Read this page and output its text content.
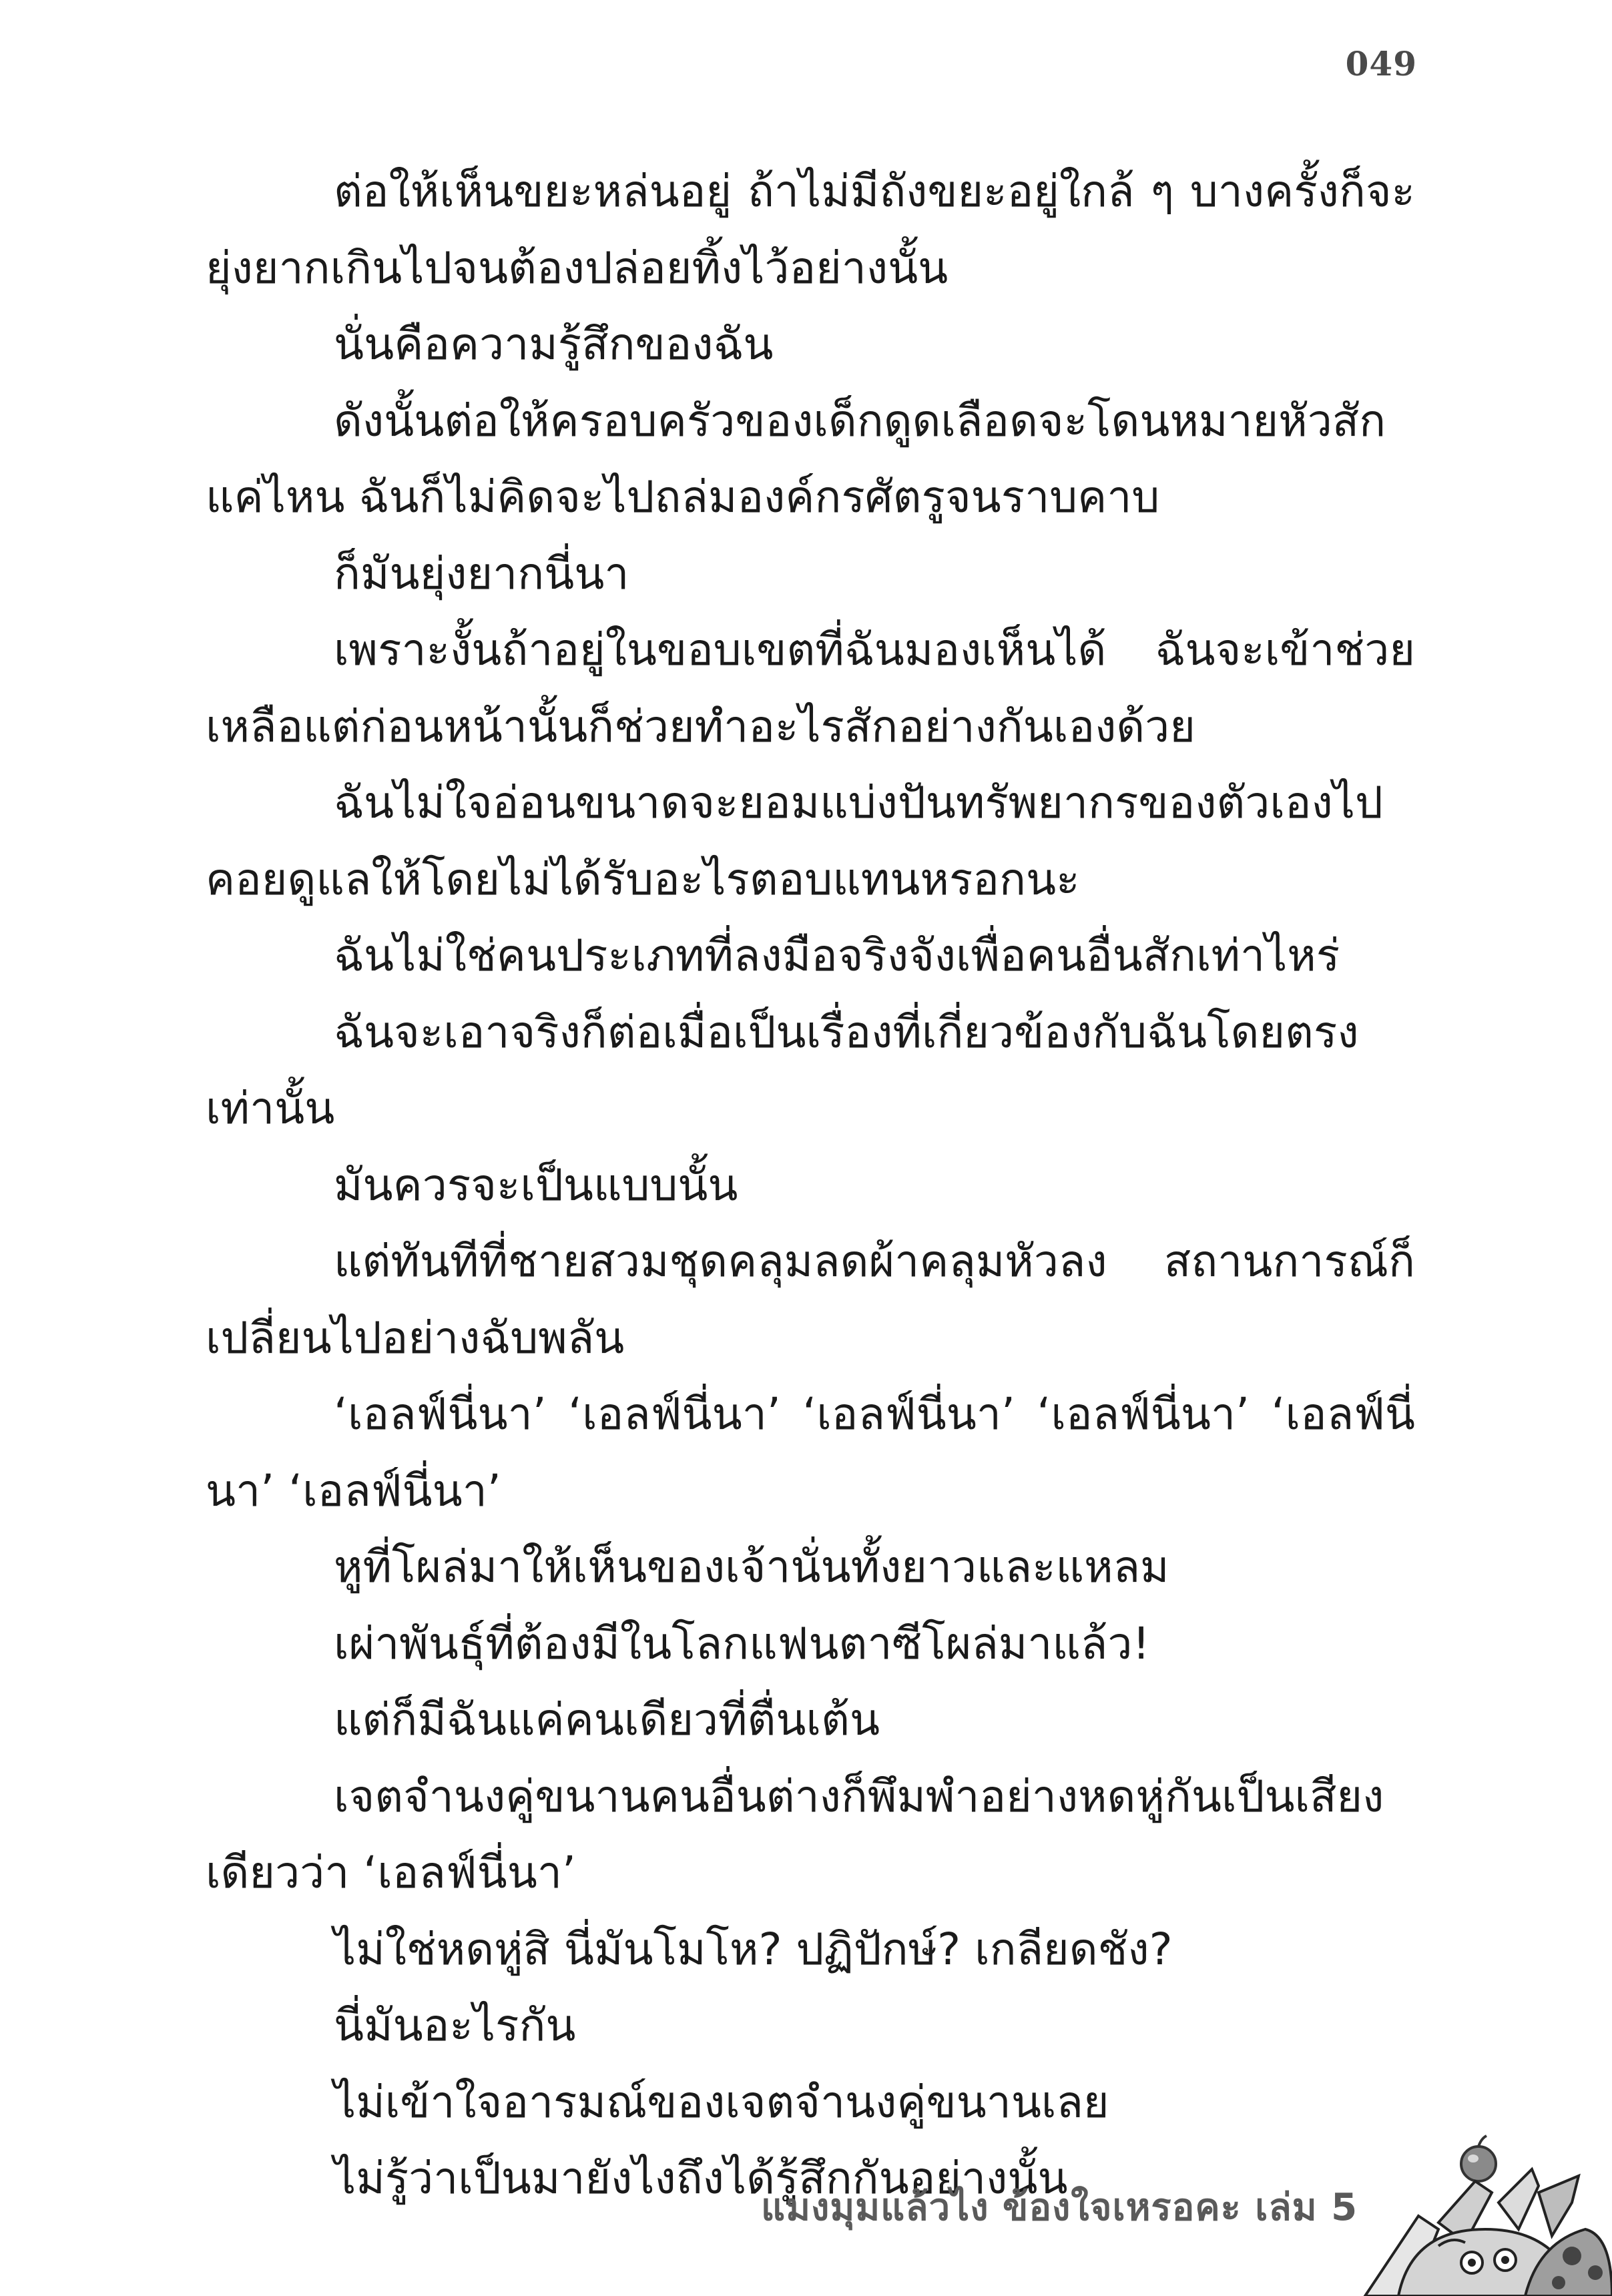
049

ต่อให้เห็นขยะหล่นอยู่ ถ้าไม่มีถังขยะอยู่ใกล้ ๆ บางครั้งก็จะยุ่งยากเกินไปจนต้องปล่อยทิ้งไว้อย่างนั้น

นั่นคือความรู้สึกของฉัน

ดังนั้นต่อให้ครอบครัวของเด็กดูดเลือดจะโดนหมายหัวสักแค่ไหน ฉันก็ไม่คิดจะไปถล่มองค์กรศัตรูจนราบคาบ

ก็มันยุ่งยากนี่นา

เพราะงั้นถ้าอยู่ในขอบเขตที่ฉันมองเห็นได้ ฉันจะเข้าช่วยเหลือแต่ก่อนหน้านั้นก็ช่วยทำอะไรสักอย่างกันเองด้วย

ฉันไม่ใจอ่อนขนาดจะยอมแบ่งปันทรัพยากรของตัวเองไปคอยดูแลให้โดยไม่ได้รับอะไรตอบแทนหรอกนะ

ฉันไม่ใช่คนประเภทที่ลงมือจริงจังเพื่อคนอื่นสักเท่าไหร่

ฉันจะเอาจริงก็ต่อเมื่อเป็นเรื่องที่เกี่ยวข้องกับฉันโดยตรงเท่านั้น

มันควรจะเป็นแบบนั้น

แต่ทันทีที่ชายสวมชุดคลุมลดผ้าคลุมหัวลง สถานการณ์ก็เปลี่ยนไปอย่างฉับพลัน

‘เอลฟ์นี่นา’ ‘เอลฟ์นี่นา’ ‘เอลฟ์นี่นา’ ‘เอลฟ์นี่นา’ ‘เอลฟ์นี่นา’ ‘เอลฟ์นี่นา’

หูที่โผล่มาให้เห็นของเจ้านั่นทั้งยาวและแหลม

เผ่าพันธุ์ที่ต้องมีในโลกแฟนตาซีโผล่มาแล้ว!

แต่ก็มีฉันแค่คนเดียวที่ตื่นเต้น

เจตจำนงคู่ขนานคนอื่นต่างก็พึมพำอย่างหดหู่กันเป็นเสียงเดียวว่า ‘เอลฟ์นี่นา’

ไม่ใช่หดหู่สิ นี่มันโมโห? ปฏิปักษ์? เกลียดชัง?

นี่มันอะไรกัน

ไม่เข้าใจอารมณ์ของเจตจำนงคู่ขนานเลย

ไม่รู้ว่าเป็นมายังไงถึงได้รู้สึกกันอย่างนั้น

แมงมุมแล้วไง ข้องใจเหรอคะ เล่ม 5
